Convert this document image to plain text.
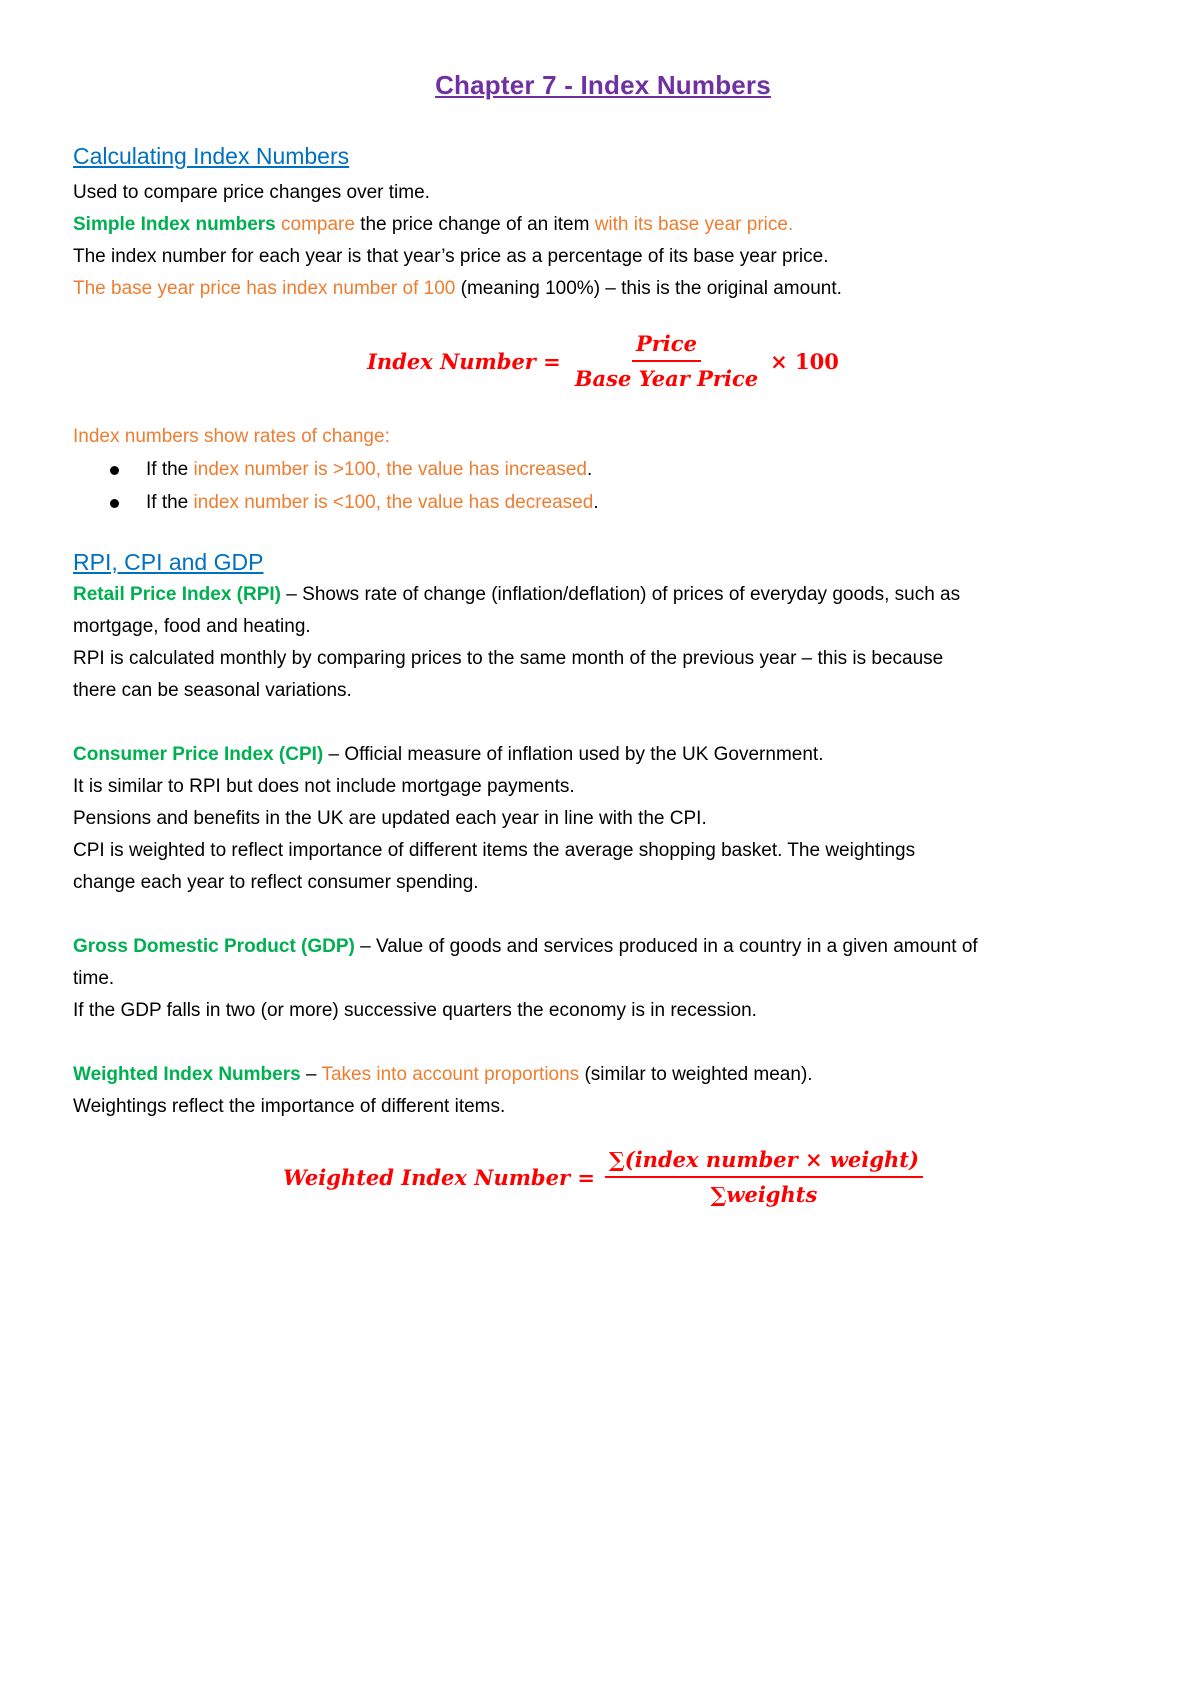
Chapter 7 - Index Numbers
Calculating Index Numbers

Used to compare price changes over time.

Simple Index numbers compare the price change of an item with its base year price.

The index number for each year is that year’s price as a percentage of its base year price.

The base year price has index number of 100 (meaning 100%) – this is the original amount.

Index Number = $\frac{\text{Price}}{\text{Base Year Price}} \times 100$

Index numbers show rates of change:

If the index number is >100, the value has increased.
If the index number is <100, the value has decreased.
RPI, CPI and GDP

Retail Price Index (RPI) – Shows rate of change (inflation/deflation) of prices of everyday goods, such as

mortgage, food and heating.

RPI is calculated monthly by comparing prices to the same month of the previous year – this is because

there can be seasonal variations.

Consumer Price Index (CPI) – Official measure of inflation used by the UK Government.

It is similar to RPI but does not include mortgage payments.

Pensions and benefits in the UK are updated each year in line with the CPI.

CPI is weighted to reflect importance of different items the average shopping basket. The weightings

change each year to reflect consumer spending.

Gross Domestic Product (GDP) – Value of goods and services produced in a country in a given amount of

time.

If the GDP falls in two (or more) successive quarters the economy is in recession.

Weighted Index Numbers – Takes into account proportions (similar to weighted mean).

Weightings reflect the importance of different items.

Weighted Index Number = $\frac{\text{∑(index number × weight)}}{\text{∑weights}}$
